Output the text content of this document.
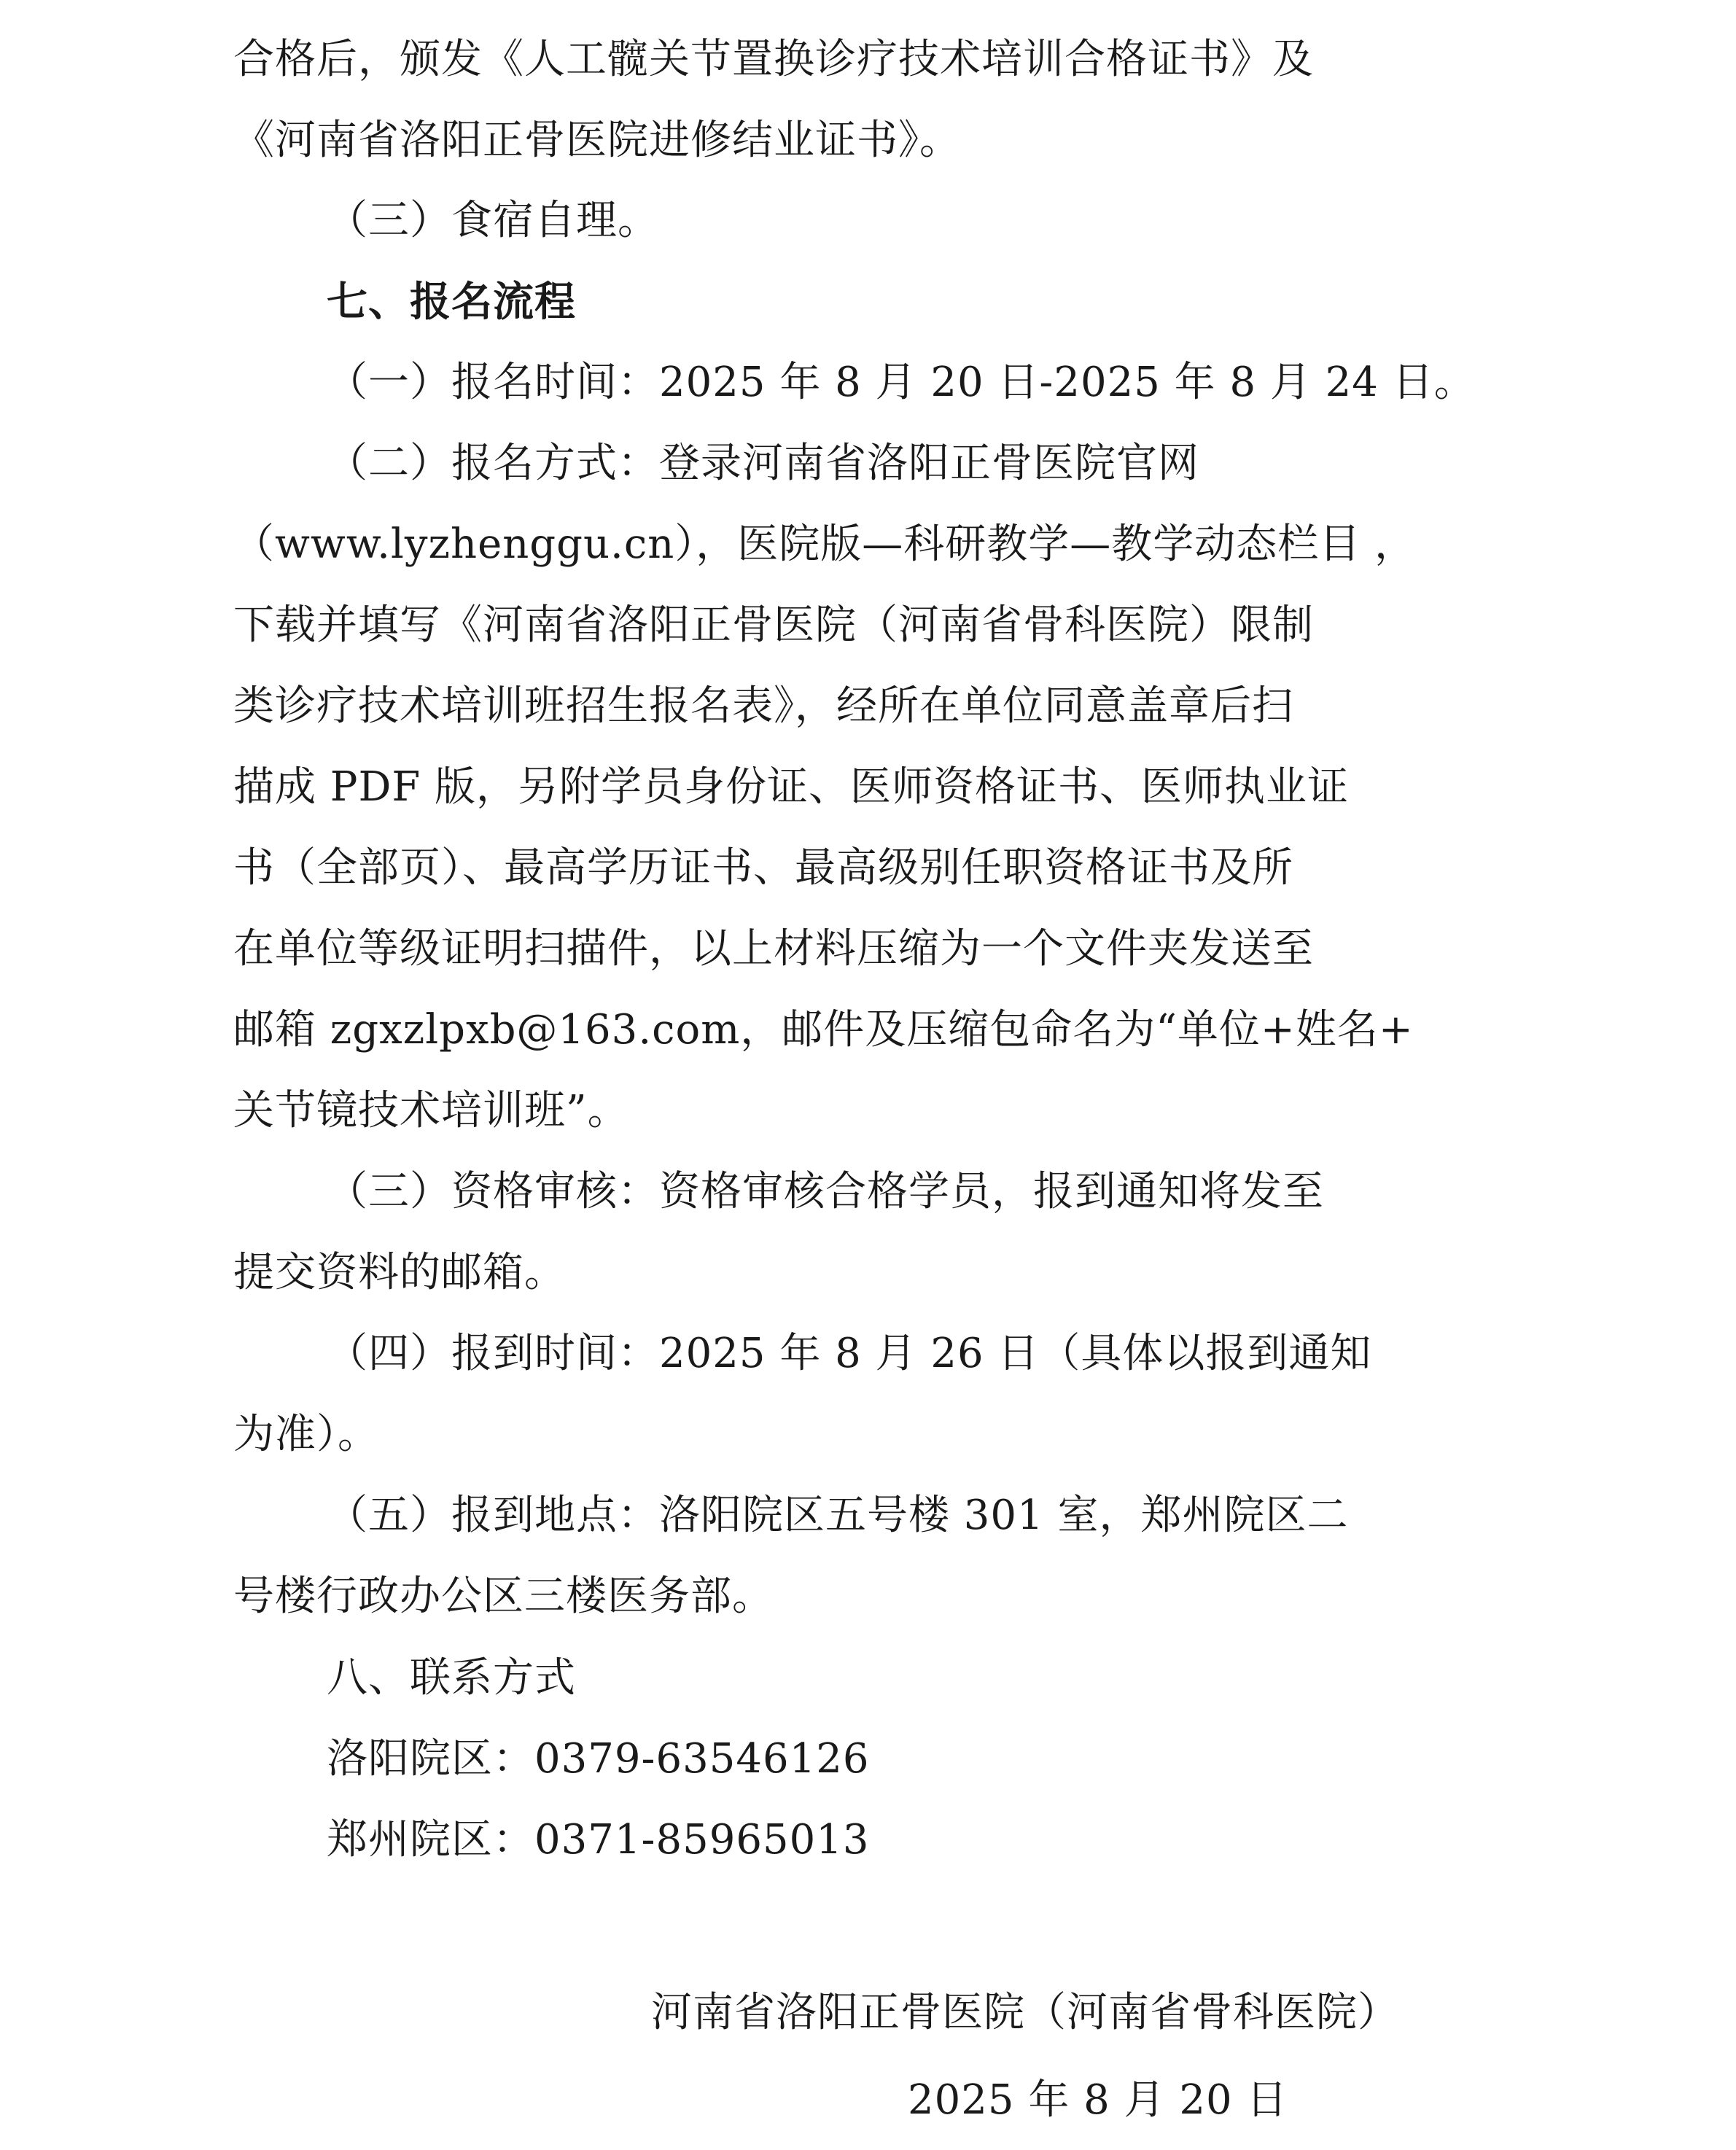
合格后，颁发《人工髋关节置换诊疗技术培训合格证书》及
《河南省洛阳正骨医院进修结业证书》。
（三）食宿自理。
七、报名流程
（一）报名时间：2025 年 8 月 20 日-2025 年 8 月 24 日。
（二）报名方式：登录河南省洛阳正骨医院官网
（www.lyzhenggu.cn），医院版—科研教学—教学动态栏目 ，
下载并填写《河南省洛阳正骨医院（河南省骨科医院）限制
类诊疗技术培训班招生报名表》，经所在单位同意盖章后扫
描成 PDF 版，另附学员身份证、医师资格证书、医师执业证
书（全部页）、最高学历证书、最高级别任职资格证书及所
在单位等级证明扫描件，以上材料压缩为一个文件夹发送至
邮箱 zgxzlpxb@163.com，邮件及压缩包命名为“单位+姓名+
关节镜技术培训班”。
（三）资格审核：资格审核合格学员，报到通知将发至
提交资料的邮箱。
（四）报到时间：2025 年 8 月 26 日（具体以报到通知
为准）。
（五）报到地点：洛阳院区五号楼 301 室，郑州院区二
号楼行政办公区三楼医务部。
八、联系方式
洛阳院区：0379-63546126
郑州院区：0371-85965013
河南省洛阳正骨医院（河南省骨科医院）
2025 年 8 月 20 日
